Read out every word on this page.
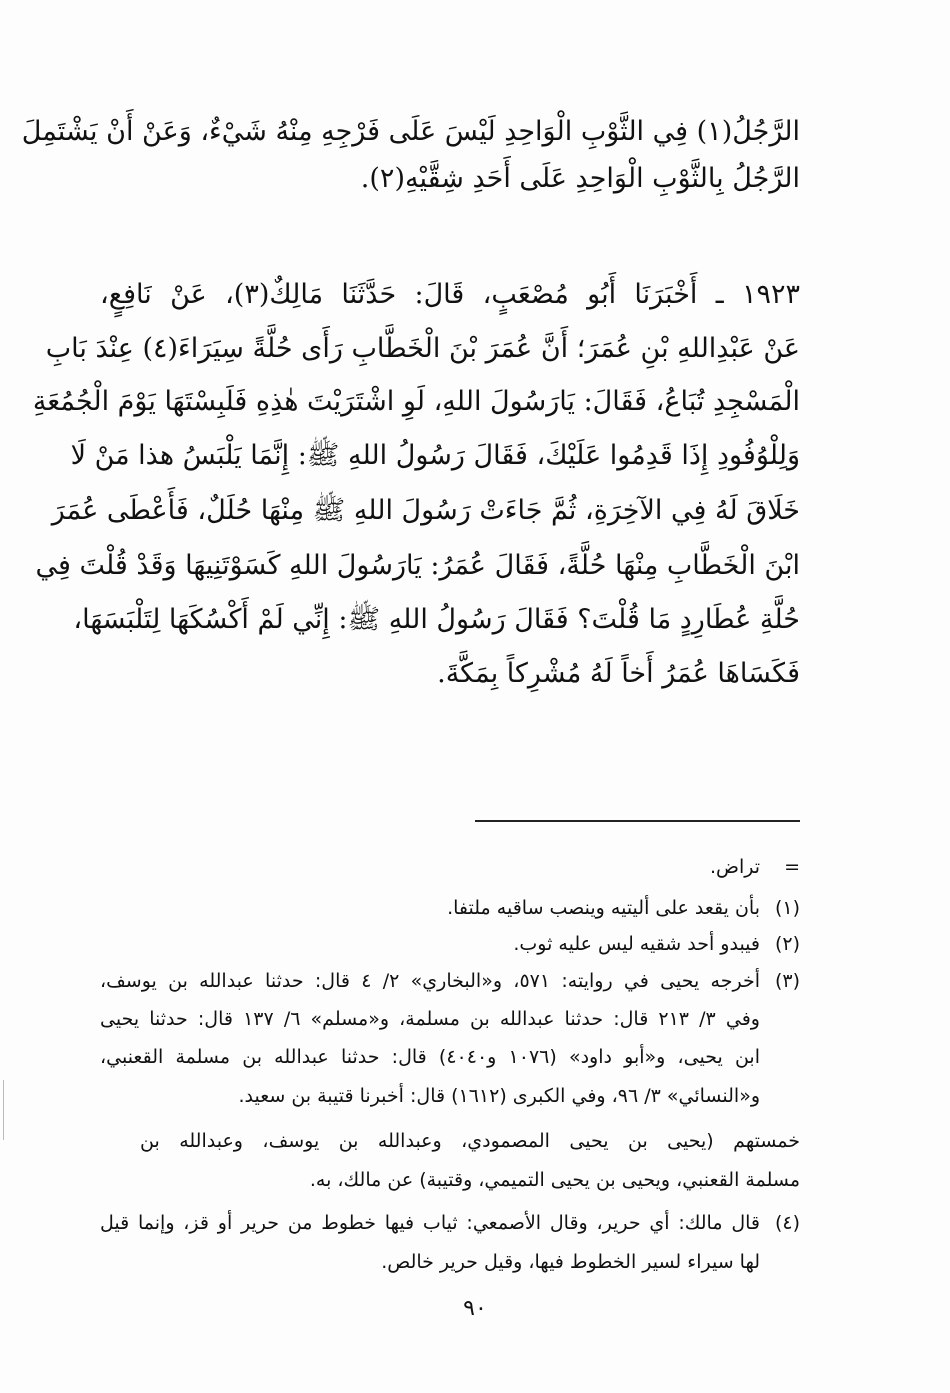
الرَّجُلُ(١) فِي الثَّوْبِ الْوَاحِدِ لَيْسَ عَلَى فَرْجِهِ مِنْهُ شَيْءٌ، وَعَنْ أَنْ يَشْتَمِلَ
الرَّجُلُ بِالثَّوْبِ الْوَاحِدِ عَلَى أَحَدِ شِقَّيْهِ(٢).
١٩٢٣ ـ أَخْبَرَنَا أَبُو مُصْعَبٍ، قَالَ: حَدَّثَنَا مَالِكٌ(٣)، عَنْ نَافِعٍ،
عَنْ عَبْدِاللهِ بْنِ عُمَرَ؛ أَنَّ عُمَرَ بْنَ الْخَطَّابِ رَأَى حُلَّةً سِيَرَاءَ(٤) عِنْدَ بَابِ
الْمَسْجِدِ تُبَاعُ، فَقَالَ: يَارَسُولَ اللهِ، لَوِ اشْتَرَيْتَ هٰذِهِ فَلَبِسْتَهَا يَوْمَ الْجُمُعَةِ
وَلِلْوُفُودِ إِذَا قَدِمُوا عَلَيْكَ، فَقَالَ رَسُولُ اللهِ ﷺ: إِنَّمَا يَلْبَسُ هذا مَنْ لَا
خَلَاقَ لَهُ فِي الآخِرَةِ، ثُمَّ جَاءَتْ رَسُولَ اللهِ ﷺ مِنْهَا حُلَلٌ، فَأَعْطَى عُمَرَ
ابْنَ الْخَطَّابِ مِنْهَا حُلَّةً، فَقَالَ عُمَرُ: يَارَسُولَ اللهِ كَسَوْتَنِيهَا وَقَدْ قُلْتَ فِي
حُلَّةِ عُطَارِدٍ مَا قُلْتَ؟ فَقَالَ رَسُولُ اللهِ ﷺ: إِنِّي لَمْ أَكْسُكَهَا لِتَلْبَسَهَا،
فَكَسَاهَا عُمَرُ أَخاً لَهُ مُشْرِكاً بِمَكَّةَ.
=
تراض.
(١)
بأن يقعد على أليتيه وينصب ساقيه ملتفا.
(٢)
فيبدو أحد شقيه ليس عليه ثوب.
(٣)
أخرجه يحيى في روايته: ٥٧١، و«البخاري» ٢/ ٤ قال: حدثنا عبدالله بن يوسف،
وفي ٣/ ٢١٣ قال: حدثنا عبدالله بن مسلمة، و«مسلم» ٦/ ١٣٧ قال: حدثنا يحيى
ابن يحيى، و«أبو داود» (١٠٧٦ و٤٠٤٠) قال: حدثنا عبدالله بن مسلمة القعنبي،
و«النسائي» ٣/ ٩٦، وفي الكبرى (١٦١٢) قال: أخبرنا قتيبة بن سعيد.
خمستهم (يحيى بن يحيى المصمودي، وعبدالله بن يوسف، وعبدالله بن
مسلمة القعنبي، ويحيى بن يحيى التميمي، وقتيبة) عن مالك، به.
(٤)
قال مالك: أي حرير، وقال الأصمعي: ثياب فيها خطوط من حرير أو قز، وإنما قيل
لها سيراء لسير الخطوط فيها، وقيل حرير خالص.
٩٠
